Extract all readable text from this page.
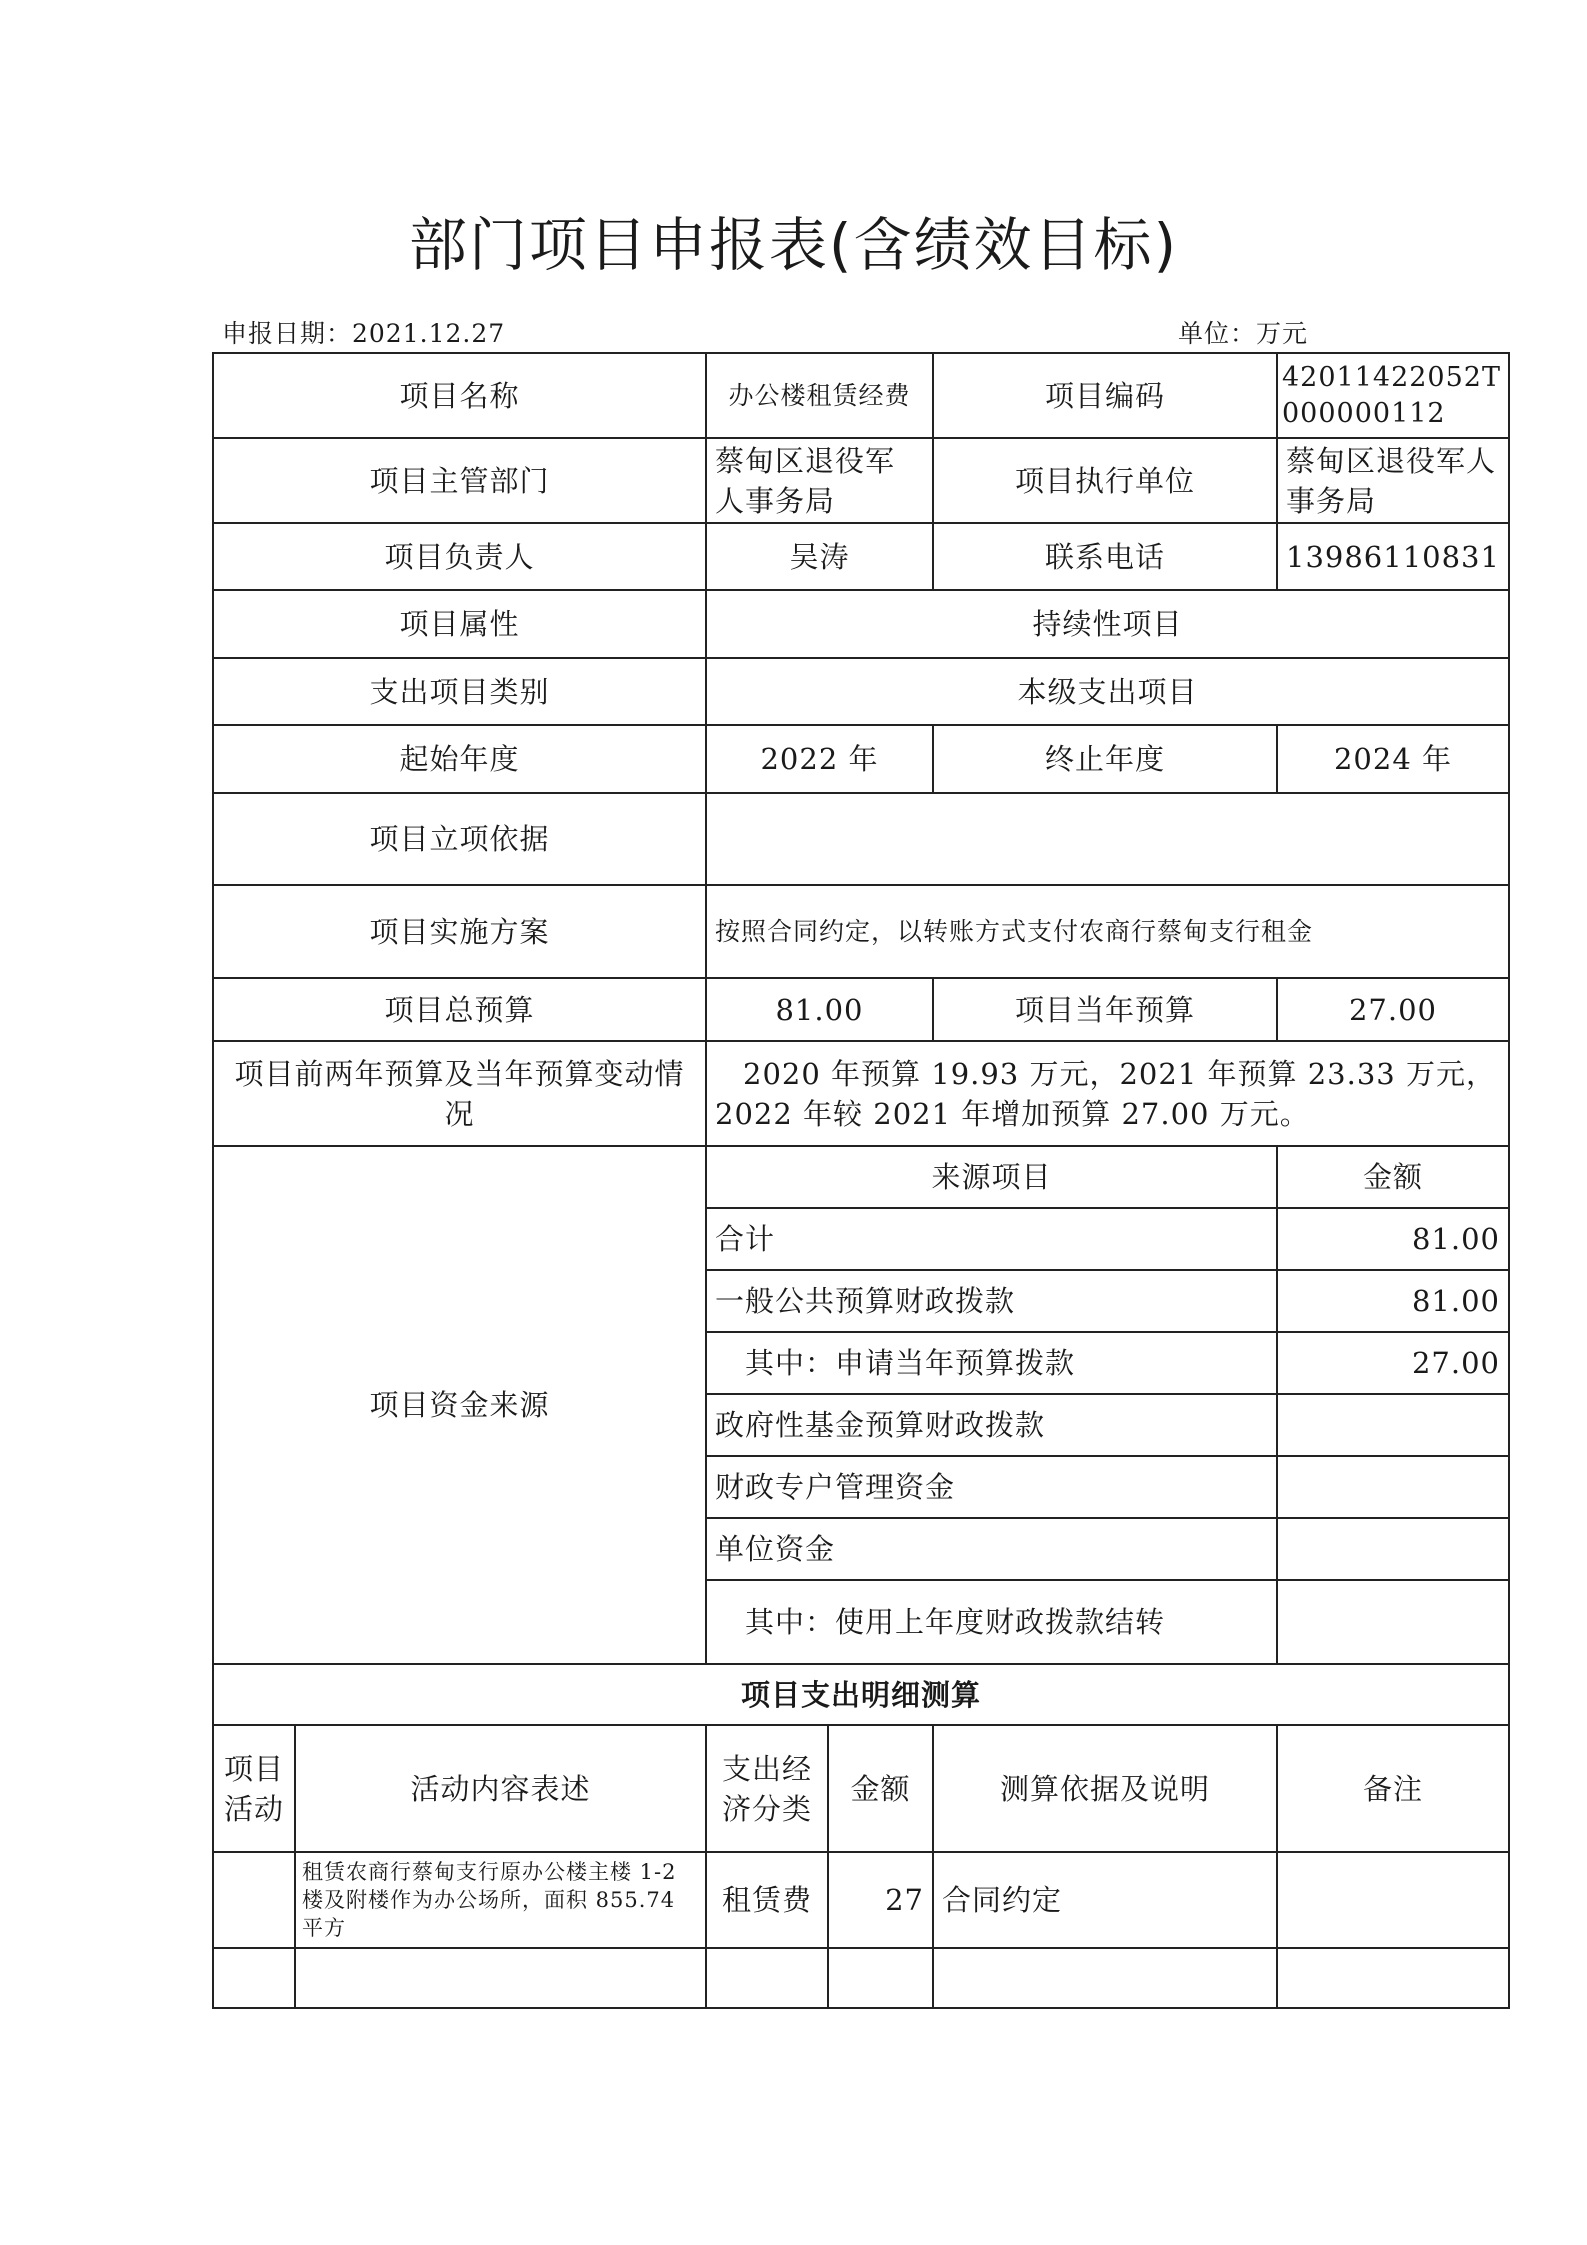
部门项目申报表(含绩效目标)
申报日期：2021.12.27	单位：万元
项目名称		办公楼租赁经费		项目编码	42011422052T000000112
项目主管部门		蔡甸区退役军人事务局		项目执行单位	蔡甸区退役军人事务局
项目负责人		吴涛		联系电话	13986110831
项目属性		持续性项目			
支出项目类别		本级支出项目			
起始年度		2022 年		终止年度	2024 年
项目立项依据					
项目实施方案		按照合同约定，以转账方式支付农商行蔡甸支行租金			
项目总预算		81.00		项目当年预算	27.00
项目前两年预算及当年预算变动情况		2020 年预算 19.93 万元，2021 年预算 23.33 万元，2022 年较 2021 年增加预算 27.00 万元。			
项目资金来源		来源项目			金额
		合计			81.00
		一般公共预算财政拨款			81.00
		其中：申请当年预算拨款			27.00
		政府性基金预算财政拨款			
		财政专户管理资金			
		单位资金			
		其中：使用上年度财政拨款结转			
项目支出明细测算					
项目活动	活动内容表述	支出经济分类	金额	测算依据及说明	备注
	租赁农商行蔡甸支行原办公楼主楼 1-2 楼及附楼作为办公场所，面积 855.74 平方	租赁费	27	合同约定	
